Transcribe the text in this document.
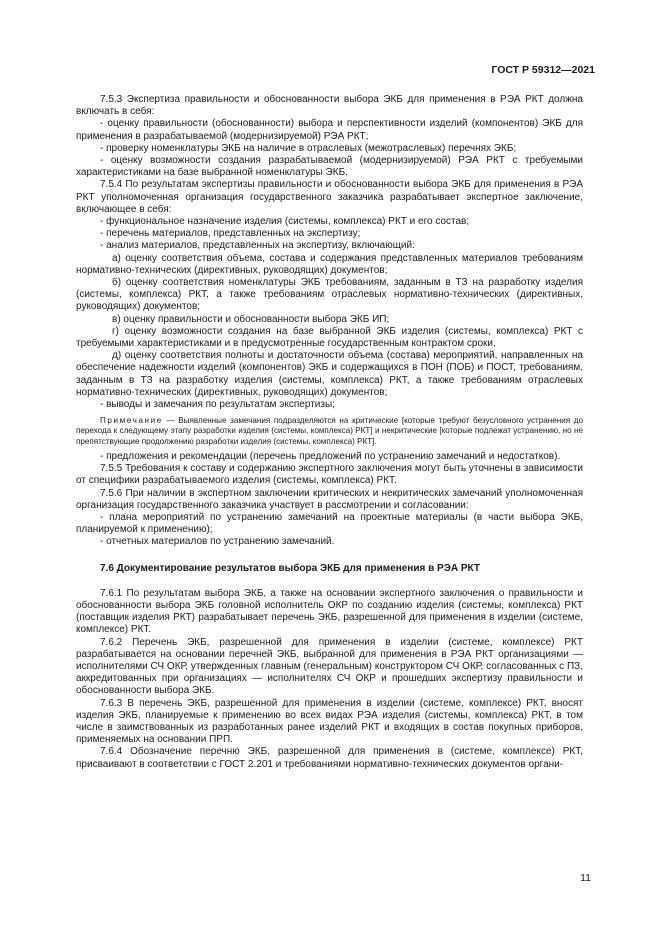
ГОСТ Р 59312—2021

7.5.3 Экспертиза правильности и обоснованности выбора ЭКБ для применения в РЭА РКТ должна включать в себя:

- оценку правильности (обоснованности) выбора и перспективности изделий (компонентов) ЭКБ для применения в разрабатываемой (модернизируемой) РЭА РКТ;

- проверку номенклатуры ЭКБ на наличие в отраслевых (межотраслевых) перечнях ЭКБ;

- оценку возможности создания разрабатываемой (модернизируемой) РЭА РКТ с требуемыми характеристиками на базе выбранной номенклатуры ЭКБ.

7.5.4 По результатам экспертизы правильности и обоснованности выбора ЭКБ для применения в РЭА РКТ уполномоченная организация государственного заказчика разрабатывает экспертное заключение, включающее в себя:

- функциональное назначение изделия (системы, комплекса) РКТ и его состав;

- перечень материалов, представленных на экспертизу;

- анализ материалов, представленных на экспертизу, включающий:

а) оценку соответствия объема, состава и содержания представленных материалов требованиям нормативно-технических (директивных, руководящих) документов;

б) оценку соответствия номенклатуры ЭКБ требованиям, заданным в ТЗ на разработку изделия (системы, комплекса) РКТ, а также требованиям отраслевых нормативно-технических (директивных, руководящих) документов;

в) оценку правильности и обоснованности выбора ЭКБ ИП;

г) оценку возможности создания на базе выбранной ЭКБ изделия (системы, комплекса) РКТ с требуемыми характеристиками и в предусмотренные государственным контрактом сроки,

д) оценку соответствия полноты и достаточности объема (состава) мероприятий, направленных на обеспечение надежности изделий (компонентов) ЭКБ и содержащихся в ПОН (ПОБ) и ПОСТ, требованиям, заданным в ТЗ на разработку изделия (системы, комплекса) РКТ, а также требованиям отраслевых нормативно-технических (директивных, руководящих) документов;

- выводы и замечания по результатам экспертизы;

Примечание — Выявленные замечания подразделяются на критические [которые требуют безусловного устранения до перехода к следующему этапу разработки изделия (системы, комплекса) РКТ] и некритические [которые подлежат устранению, но не препятствующие продолжению разработки изделия (системы, комплекса) РКТ].

- предложения и рекомендации (перечень предложений по устранению замечаний и недостатков).

7.5.5 Требования к составу и содержанию экспертного заключения могут быть уточнены в зависимости от специфики разрабатываемого изделия (системы, комплекса) РКТ.

7.5.6 При наличии в экспертном заключении критических и некритических замечаний уполномоченная организация государственного заказчика участвует в рассмотрении и согласовании:

- плана мероприятий по устранению замечаний на проектные материалы (в части выбора ЭКБ, планируемой к применению);

- отчетных материалов по устранению замечаний.

7.6 Документирование результатов выбора ЭКБ для применения в РЭА РКТ

7.6.1 По результатам выбора ЭКБ, а также на основании экспертного заключения о правильности и обоснованности выбора ЭКБ головной исполнитель ОКР по созданию изделия (системы, комплекса) РКТ (поставщик изделия РКТ) разрабатывает перечень ЭКБ, разрешенной для применения в изделии (системе, комплексе) РКТ.

7.6.2 Перечень ЭКБ, разрешенной для применения в изделии (системе, комплексе) РКТ разрабатывается на основании перечней ЭКБ, выбранной для применения в РЭА РКТ организациями — исполнителями СЧ ОКР, утвержденных главным (генеральным) конструктором СЧ ОКР, согласованных с ПЗ, аккредитованных при организациях — исполнителях СЧ ОКР и прошедших экспертизу правильности и обоснованности выбора ЭКБ.

7.6.3 В перечень ЭКБ, разрешенной для применения в изделии (системе, комплексе) РКТ, вносят изделия ЭКБ, планируемые к применению во всех видах РЭА изделия (системы, комплекса) РКТ, в том числе в заимствованных из разработанных ранее изделий РКТ и входящих в состав покупных приборов, применяемых на основании ПРП.

7.6.4 Обозначение перечню ЭКБ, разрешенной для применения в (системе, комплексе) РКТ, присваивают в соответствии с ГОСТ 2.201 и требованиями нормативно-технических документов органи-

11
